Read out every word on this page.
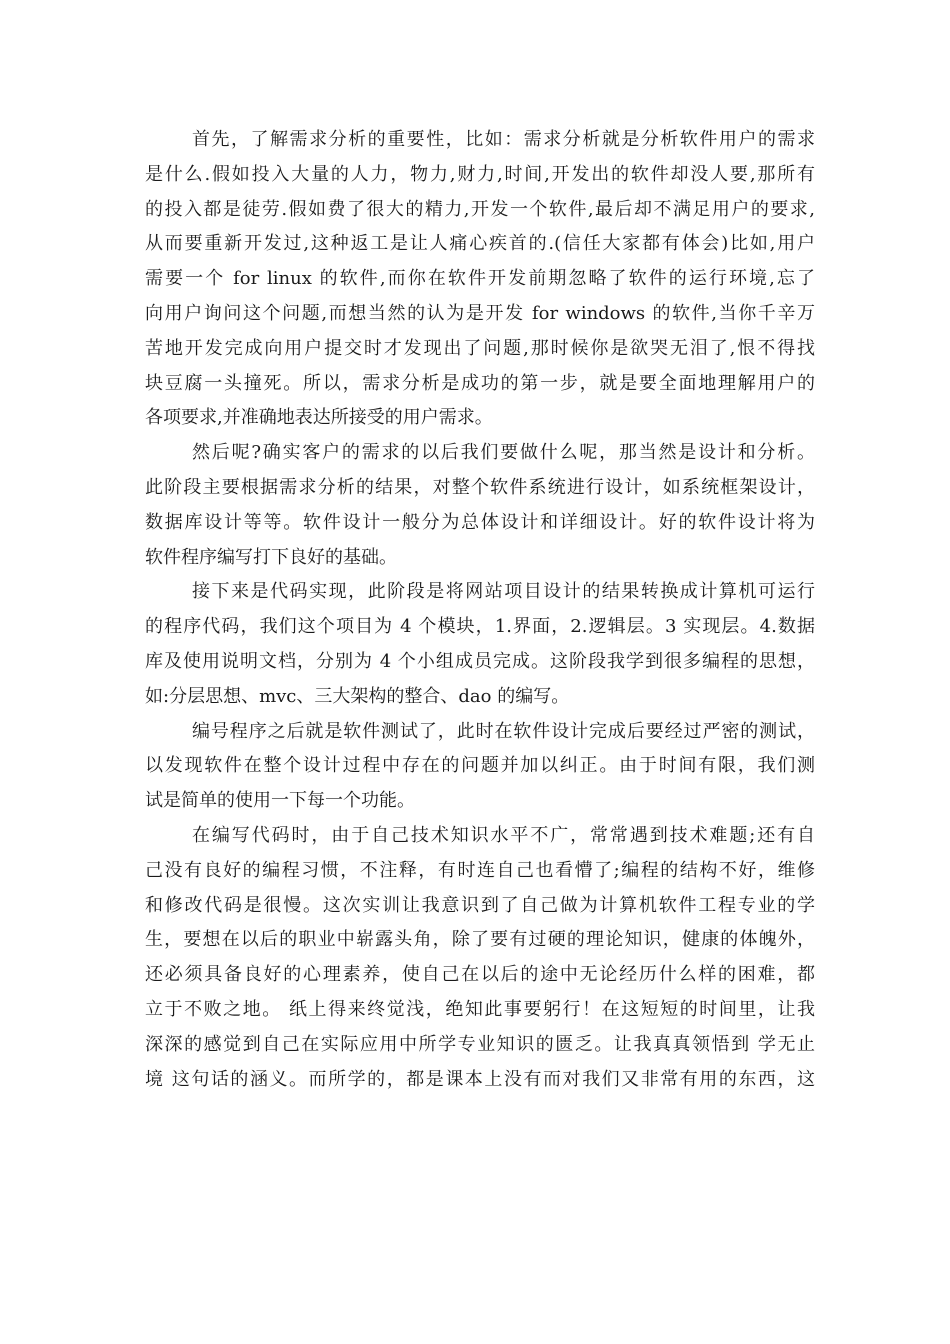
首先，了解需求分析的重要性，比如：需求分析就是分析软件用户的需求
是什么.假如投入大量的人力，物力,财力,时间,开发出的软件却没人要,那所有
的投入都是徒劳.假如费了很大的精力,开发一个软件,最后却不满足用户的要求,
从而要重新开发过,这种返工是让人痛心疾首的.(信任大家都有体会)比如,用户
需要一个 for linux 的软件,而你在软件开发前期忽略了软件的运行环境,忘了
向用户询问这个问题,而想当然的认为是开发 for windows 的软件,当你千辛万
苦地开发完成向用户提交时才发现出了问题,那时候你是欲哭无泪了,恨不得找
块豆腐一头撞死。所以，需求分析是成功的第一步，就是要全面地理解用户的
各项要求,并准确地表达所接受的用户需求。
然后呢?确实客户的需求的以后我们要做什么呢，那当然是设计和分析。
此阶段主要根据需求分析的结果，对整个软件系统进行设计，如系统框架设计，
数据库设计等等。软件设计一般分为总体设计和详细设计。好的软件设计将为
软件程序编写打下良好的基础。
接下来是代码实现，此阶段是将网站项目设计的结果转换成计算机可运行
的程序代码，我们这个项目为 4 个模块，1.界面，2.逻辑层。3 实现层。4.数据
库及使用说明文档，分别为 4 个小组成员完成。这阶段我学到很多编程的思想，
如:分层思想、mvc、三大架构的整合、dao 的编写。
编号程序之后就是软件测试了，此时在软件设计完成后要经过严密的测试，
以发现软件在整个设计过程中存在的问题并加以纠正。由于时间有限，我们测
试是简单的使用一下每一个功能。
在编写代码时，由于自己技术知识水平不广，常常遇到技术难题;还有自
己没有良好的编程习惯，不注释，有时连自己也看懵了;编程的结构不好，维修
和修改代码是很慢。这次实训让我意识到了自己做为计算机软件工程专业的学
生，要想在以后的职业中崭露头角，除了要有过硬的理论知识，健康的体魄外，
还必须具备良好的心理素养，使自己在以后的途中无论经历什么样的困难，都
立于不败之地。 纸上得来终觉浅，绝知此事要躬行！在这短短的时间里，让我
深深的感觉到自己在实际应用中所学专业知识的匮乏。让我真真领悟到 学无止
境 这句话的涵义。而所学的，都是课本上没有而对我们又非常有用的东西，这
